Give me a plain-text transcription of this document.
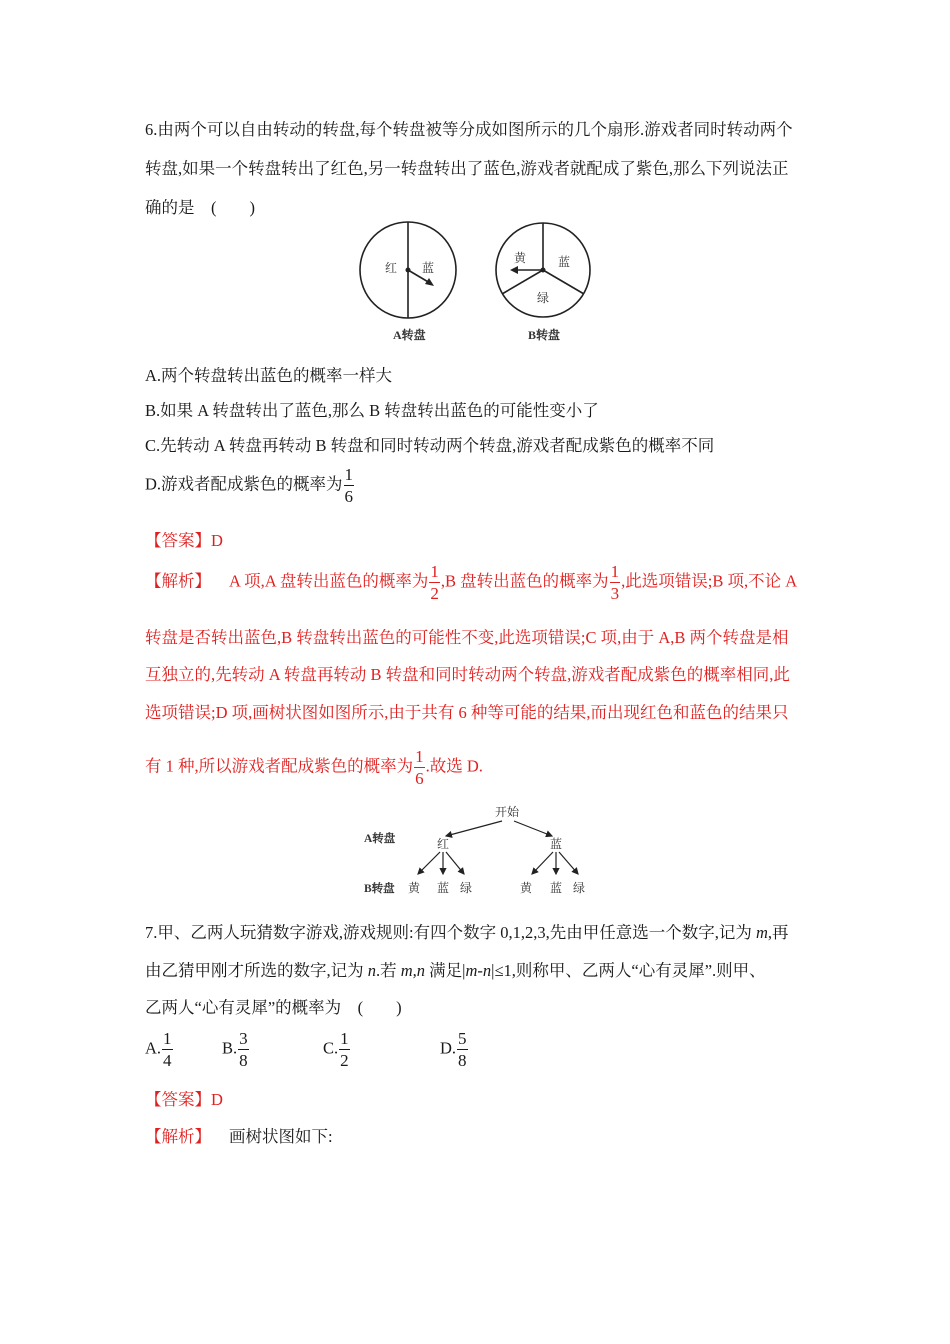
6.由两个可以自由转动的转盘,每个转盘被等分成如图所示的几个扇形.游戏者同时转动两个
转盘,如果一个转盘转出了红色,另一转盘转出了蓝色,游戏者就配成了紫色,那么下列说法正
确的是　(　　)
红 蓝
A转盘
黄	蓝
绿
B转盘
A.两个转盘转出蓝色的概率一样大
B.如果 A 转盘转出了蓝色,那么 B 转盘转出蓝色的可能性变小了
C.先转动 A 转盘再转动 B 转盘和同时转动两个转盘,游戏者配成紫色的概率不同
D.游戏者配成紫色的概率为 $\frac{1}{6}$
【答案】D
【解析】 A 项,A 盘转出蓝色的概率为 $\frac{1}{2} ,B$ 盘转出蓝色的概率为 $\frac{1}{3}$ ,此选项错误;B 项,不论 A
转盘是否转出蓝色,B 转盘转出蓝色的可能性不变,此选项错误;C 项,由于 A,B 两个转盘是相
互独立的,先转动 A 转盘再转动 B 转盘和同时转动两个转盘,游戏者配成紫色的概率相同,此
选项错误;D 项,画树状图如图所示,由于共有 6 种等可能的结果,而出现红色和蓝色的结果只
有 1 种,所以游戏者配成紫色的概率为 $\frac{1}{6}$ .故选 D.
开始
A转盘
B转盘
红	蓝
黄 蓝 绿	黄 蓝 绿
7.甲、乙两人玩猜数字游戏,游戏规则:有四个数字 0,1,2,3,先由甲任意选一个数字,记为 m,再
由乙猜甲刚才所选的数字,记为 n.若 m,n 满足|m-n|≤1,则称甲、乙两人“心有灵犀”.则甲、
乙两人“心有灵犀”的概率为　(　　)
A. $\frac{1}{4}$	B. $\frac{3}{8}$	C. $\frac{1}{2}$	D. $\frac{5}{8}$
【答案】D
【解析】 画树状图如下:
